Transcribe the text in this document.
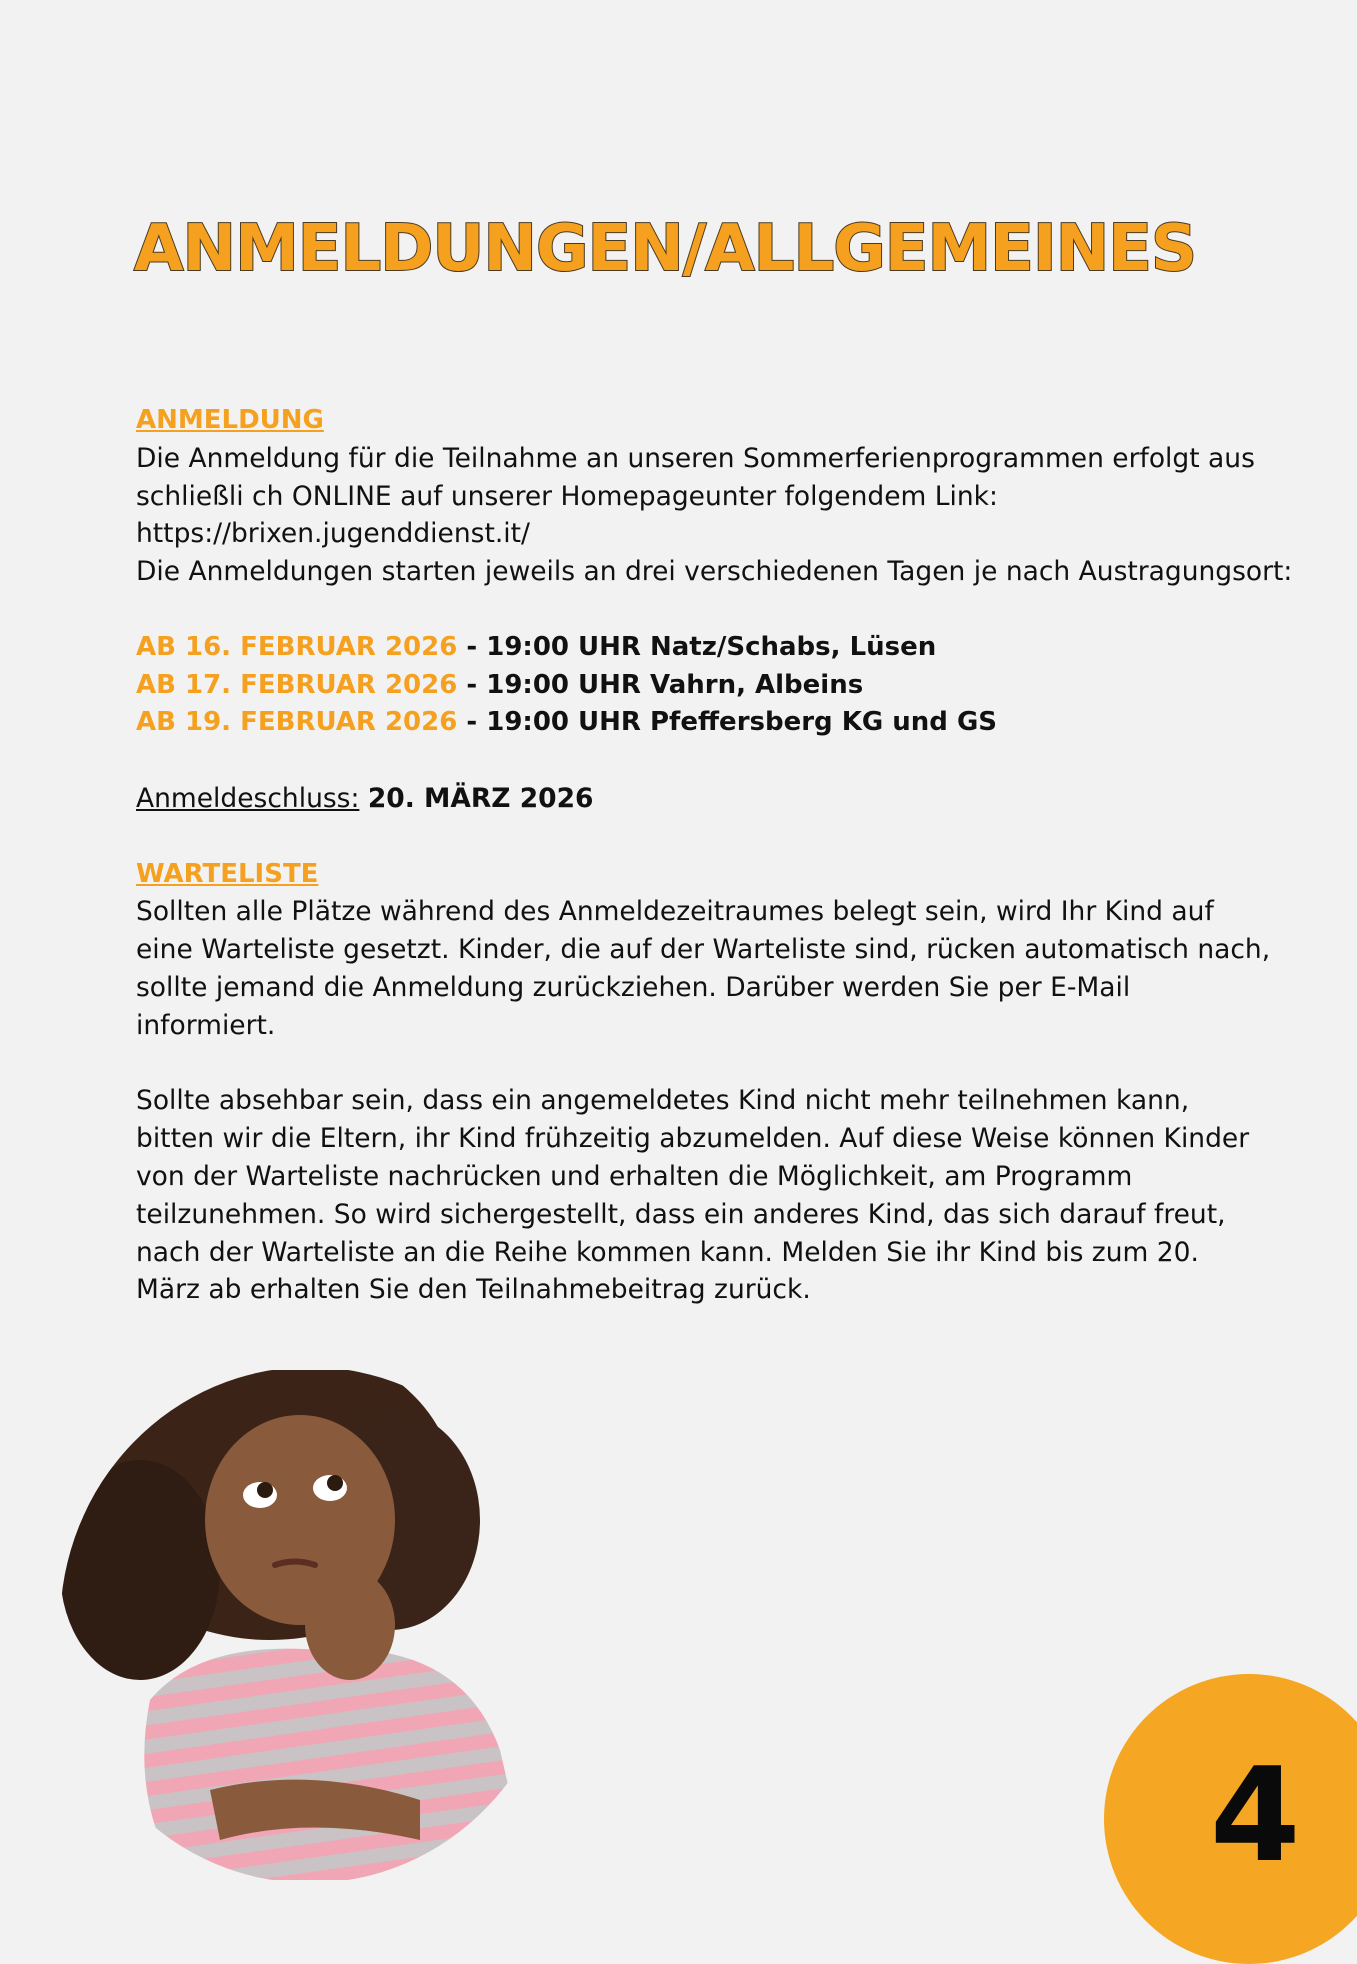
ANMELDUNGEN/ALLGEMEINES

ANMELDUNG

Die Anmeldung für die Teilnahme an unseren Sommerferienprogrammen erfolgt aus

schließli ch ONLINE auf unserer Homepageunter folgendem Link:

https://brixen.jugenddienst.it/

Die Anmeldungen starten jeweils an drei verschiedenen Tagen je nach Austragungsort:

AB 16. FEBRUAR 2026 - 19:00 UHR Natz/Schabs, Lüsen

AB 17. FEBRUAR 2026 - 19:00 UHR Vahrn, Albeins

AB 19. FEBRUAR 2026 - 19:00 UHR Pfeffersberg KG und GS

Anmeldeschluss: 20. MÄRZ 2026

WARTELISTE

Sollten alle Plätze während des Anmeldezeitraumes belegt sein, wird Ihr Kind auf

eine Warteliste gesetzt. Kinder, die auf der Warteliste sind, rücken automatisch nach,

sollte jemand die Anmeldung zurückziehen. Darüber werden Sie per E-Mail

informiert.

Sollte absehbar sein, dass ein angemeldetes Kind nicht mehr teilnehmen kann,

bitten wir die Eltern, ihr Kind frühzeitig abzumelden. Auf diese Weise können Kinder

von der Warteliste nachrücken und erhalten die Möglichkeit, am Programm

teilzunehmen. So wird sichergestellt, dass ein anderes Kind, das sich darauf freut,

nach der Warteliste an die Reihe kommen kann. Melden Sie ihr Kind bis zum 20.

März ab erhalten Sie den Teilnahmebeitrag zurück.

4
